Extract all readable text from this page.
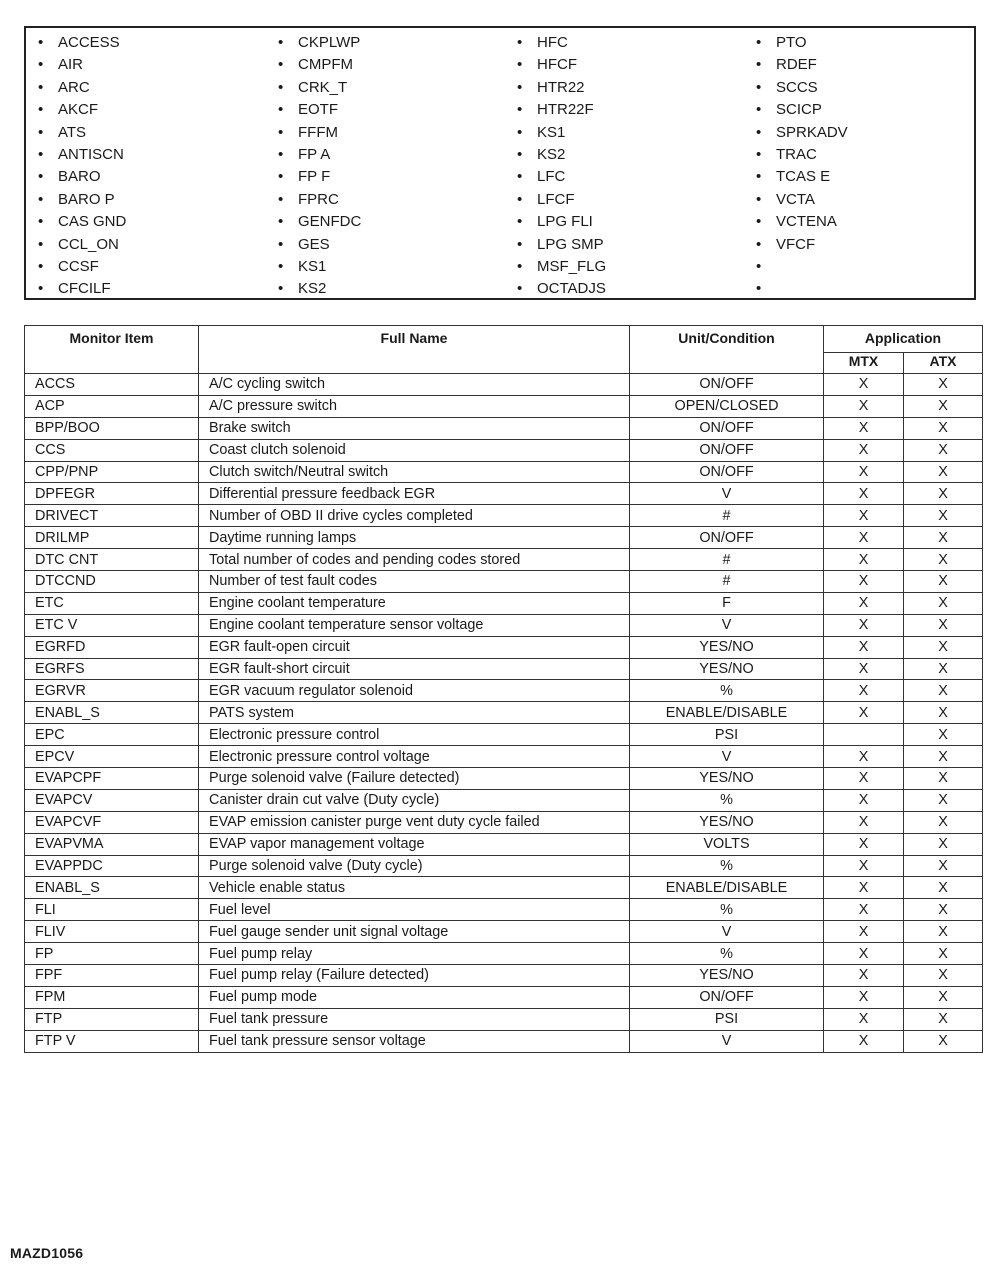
• ACCESS
• AIR
• ARC
• AKCF
• ATS
• ANTISCN
• BARO
• BARO P
• CAS GND
• CCL_ON
• CCSF
• CFCILF
• CKPLWP
• CMPFM
• CRK_T
• EOTF
• FFFM
• FP A
• FP F
• FPRC
• GENFDC
• GES
• KS1
• KS2
• HFC
• HFCF
• HTR22
• HTR22F
• KS1
• KS2
• LFC
• LFCF
• LPG FLI
• LPG SMP
• MSF_FLG
• OCTADJS
• PTO
• RDEF
• SCCS
• SCICP
• SPRKADV
• TRAC
• TCAS E
• VCTA
• VCTENA
• VFCF
•
•
Monitor Item	Full Name	Unit/Condition	Application	
			MTX	ATX
ACCS	A/C cycling switch	ON/OFF	X	X
ACP	A/C pressure switch	OPEN/CLOSED	X	X
BPP/BOO	Brake switch	ON/OFF	X	X
CCS	Coast clutch solenoid	ON/OFF	X	X
CPP/PNP	Clutch switch/Neutral switch	ON/OFF	X	X
DPFEGR	Differential pressure feedback EGR	V	X	X
DRIVECT	Number of OBD II drive cycles completed	#	X	X
DRILMP	Daytime running lamps	ON/OFF	X	X
DTC CNT	Total number of codes and pending codes stored	#	X	X
DTCCND	Number of test fault codes	#	X	X
ETC	Engine coolant temperature	F	X	X
ETC V	Engine coolant temperature sensor voltage	V	X	X
EGRFD	EGR fault-open circuit	YES/NO	X	X
EGRFS	EGR fault-short circuit	YES/NO	X	X
EGRVR	EGR vacuum regulator solenoid	%	X	X
ENABL_S	PATS system	ENABLE/DISABLE	X	X
EPC	Electronic pressure control	PSI		X
EPCV	Electronic pressure control voltage	V	X	X
EVAPCPF	Purge solenoid valve (Failure detected)	YES/NO	X	X
EVAPCV	Canister drain cut valve (Duty cycle)	%	X	X
EVAPCVF	EVAP emission canister purge vent duty cycle failed	YES/NO	X	X
EVAPVMA	EVAP vapor management voltage	VOLTS	X	X
EVAPPDC	Purge solenoid valve (Duty cycle)	%	X	X
ENABL_S	Vehicle enable status	ENABLE/DISABLE	X	X
FLI	Fuel level	%	X	X
FLIV	Fuel gauge sender unit signal voltage	V	X	X
FP	Fuel pump relay	%	X	X
FPF	Fuel pump relay (Failure detected)	YES/NO	X	X
FPM	Fuel pump mode	ON/OFF	X	X
FTP	Fuel tank pressure	PSI	X	X
FTP V	Fuel tank pressure sensor voltage	V	X	X
MAZD1056
